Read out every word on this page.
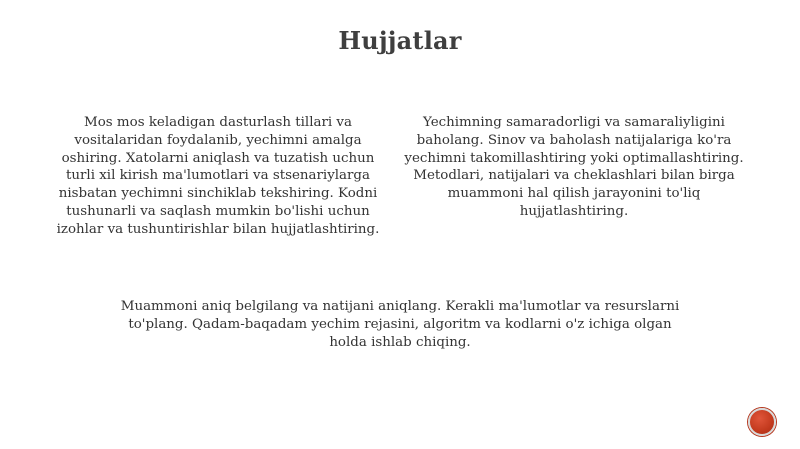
Hujjatlar
Mos mos keladigan dasturlash tillari va vositalaridan foydalanib, yechimni amalga oshiring. Xatolarni aniqlash va tuzatish uchun turli xil kirish ma'lumotlari va stsenariylarga nisbatan yechimni sinchiklab tekshiring. Kodni tushunarli va saqlash mumkin bo'lishi uchun izohlar va tushuntirishlar bilan hujjatlashtiring.
Yechimning samaradorligi va samaraliyligini baholang. Sinov va baholash natijalariga ko'ra yechimni takomillashtiring yoki optimallashtiring. Metodlari, natijalari va cheklashlari bilan birga muammoni hal qilish jarayonini to'liq hujjatlashtiring.
Muammoni aniq belgilang va natijani aniqlang. Kerakli ma'lumotlar va resurslarni to'plang. Qadam-baqadam yechim rejasini, algoritm va kodlarni o'z ichiga olgan holda ishlab chiqing.
